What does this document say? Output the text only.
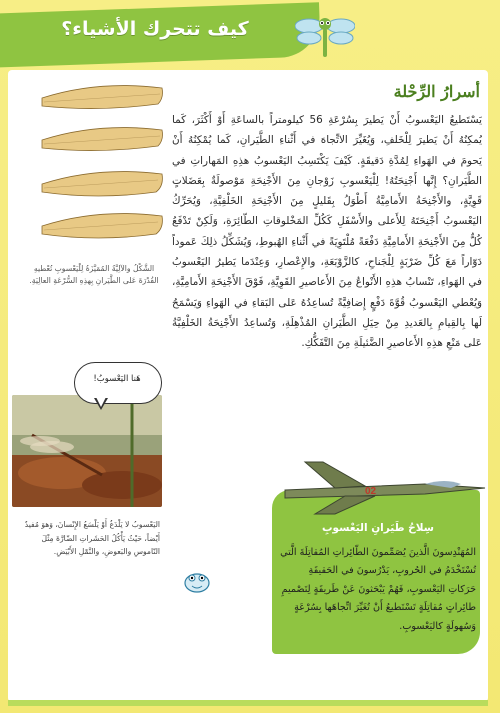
كيف تتحرك الأشياء؟
أسرارُ الرِّحْلة
يَسْتَطيعُ اليَعْسوبُ أَنْ يَطيرَ بِسُرْعَةِ 56 كيلومتراً بالساعَةِ أَوْ أَكْثَرَ، كَما يُمكِنُهُ أَنْ يَطيرَ لِلْخَلفِ، وَيُغَيِّرَ الاتِّجاهَ في أَثْناءِ الطَّيَرانِ، كَما يُمْكِنُهُ أَنْ يَحومَ في الهَواءِ لِمُدَّةِ دَقيقَةٍ. كَيْفَ يَكْتَسِبُ اليَعْسوبُ هذِهِ المَهاراتِ في الطَّيَرانِ؟ إِنَّها أَجْنِحَتُهُ! لِلْيَعْسوبِ زَوْجانِ مِنَ الأَجْنِحَةِ مَوْصولَةٌ بِعَضَلاتٍ قَوِيَّةٍ، والأَجْنِحَةُ الأَمامِيَّةُ أَطْوَلُ بِقَليلٍ مِنَ الأَجْنِحَةِ الخَلْفِيَّةِ، وَيُحَرِّكُ اليَعْسوبُ أَجْنِحَتَهُ لِلأَعلى والأَسْفَلِ كَكُلِّ المَخْلوقاتِ الطّائِرَةِ، وَلَكِنْ تَدْفَعُ كُلٌّ مِنَ الأَجْنِحَةِ الأَمامِيَّةِ دَفْعَةً مُلْتَوِيَةً في أَثْناءِ الهُبوطِ، وَيُشَكِّلُ ذلِكَ عَموداً دَوّاراً مَعَ كُلِّ ضَرْبَةٍ لِلْجَناحِ، كالزَّوْبَعَةِ، والإِعْصارِ، وَعِنْدَما يَطيرُ اليَعْسوبُ في الهَواءِ، تَنْسابُ هذِهِ الأَنْواعُ مِنَ الأَعاصيرِ القَوِيَّةِ، فَوْقَ الأَجْنِحَةِ الأَمامِيَّةِ، وَيُعْطي اليَعْسوبُ قُوَّةَ دَفْعٍ إِضافِيَّةً تُساعِدُهُ عَلى البَقاءِ في الهَواءِ وَيَسْمَحُ لَها بِالقِيامِ بِالعَديدِ مِنْ حِيَلِ الطَّيَرانِ المُذْهِلَةِ، وَتُساعِدُ الأَجْنِحَةُ الخَلْفِيَّةُ عَلى مَنْعِ هذِهِ الأَعاصيرِ الضَّئيلَةِ مِنَ التَّفَكُّكِ.
الشَّكْلُ والآلِيَّةُ المُمَيَّزَةُ لِلْيَعْسوبِ تُعْطيهِ القُدْرَةَ عَلى الطَّيَرانِ بِهذِهِ السُّرْعَةِ العالِيَةِ.
هَنا اليَعْسوبُ!
اليَعْسوبُ لا يَلْدَغُ أَوْ يَلْسَعُ الإِنْسانَ، وَهوَ مُفيدٌ أَيْضاً، حَيْثُ يَأْكُلُ الحَشَراتِ الضّارَّةَ مِثْلَ النّاموسِ والبَعوضِ، والنَّمْلِ الأَبْيَضِ.
02
سِلاحُ طَيَرانِ اليَعْسوبِ
المُهَنْدِسونَ الَّذينَ يُصَمِّمونَ الطّائِراتِ المُقاتِلَةَ الَّتي تُسْتَخْدَمُ في الحُروبِ، يَدْرُسونَ في الحَقيقَةِ حَرَكاتِ اليَعْسوبِ، فَهُمْ يَبْحَثونَ عَنْ طَريقَةٍ لِتَصْميمِ طائِراتٍ مُقاتِلَةٍ تَسْتَطيعُ أَنْ تُغَيِّرَ اتِّجاهَها بِسُرْعَةٍ وَسُهولَةٍ كاليَعْسوبِ.
